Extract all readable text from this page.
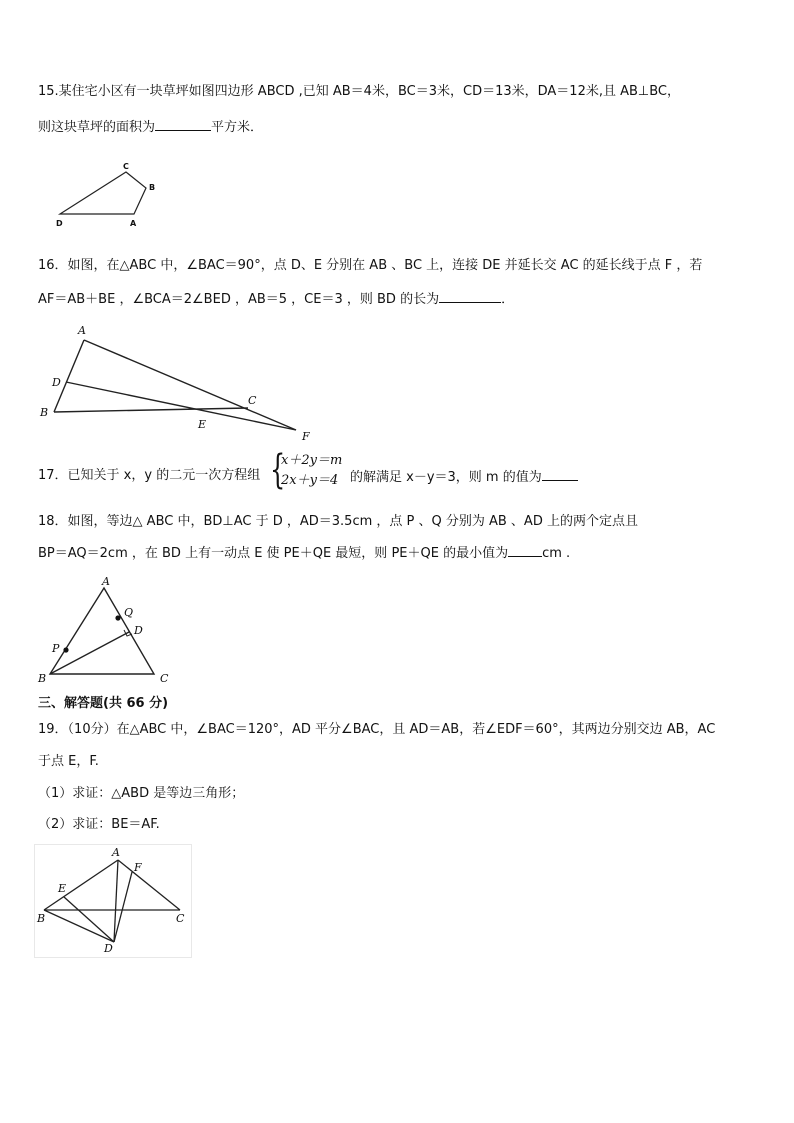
15.某住宅小区有一块草坪如图四边形 ABCD ,已知 AB＝4米，BC＝3米，CD＝13米，DA＝12米,且 AB⊥BC，
则这块草坪的面积为	平方米．
C
B
D	A
16．如图，在△ABC 中，∠BAC＝90°，点 D、E 分别在 AB 、BC 上，连接 DE 并延长交 AC 的延长线于点 F ，若
AF＝AB＋BE ，∠BCA＝2∠BED ，AB＝5 ，CE＝3 ，则 BD 的长为	．
A
D
B
E
C
F
17．已知关于 x，y 的二元一次方程组 {
x＋2y＝m
2x＋y＝4 的解满足 x－y＝3，则 m 的值为
18．如图，等边△ ABC 中，BD⊥AC 于 D ，AD＝3.5cm ，点 P 、Q 分别为 AB 、AD 上的两个定点且
BP＝AQ＝2cm ，在 BD 上有一动点 E 使 PE＋QE 最短，则 PE＋QE 的最小值为	cm .
A
Q
D
P
B	C
三、解答题(共 66 分)
19．（10分）在△ABC 中，∠BAC＝120°，AD 平分∠BAC，且 AD＝AB，若∠EDF＝60°，其两边分别交边 AB，AC
于点 E，F.
（1）求证：△ABD 是等边三角形；
（2）求证：BE＝AF.
A
F
E
B	C
D
